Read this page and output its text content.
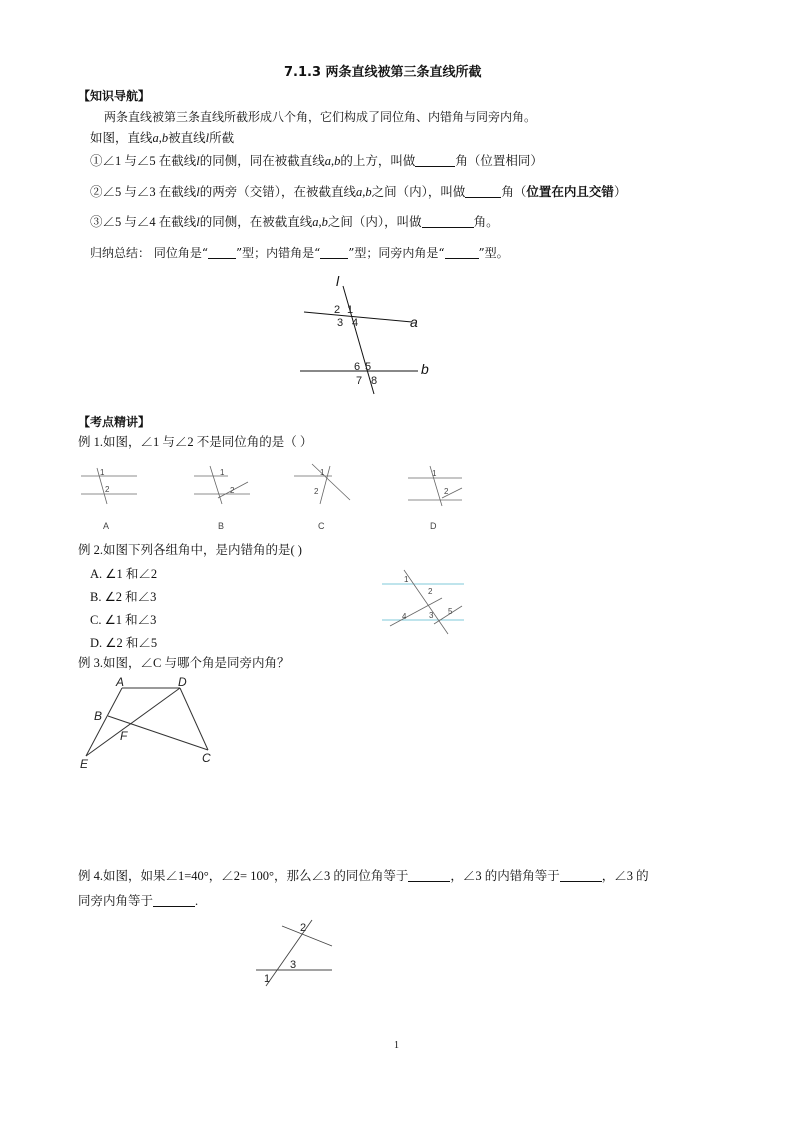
7.1.3 两条直线被第三条直线所截
【知识导航】
两条直线被第三条直线所截形成八个角，它们构成了同位角、内错角与同旁内角。
如图，直线a,b被直线l所截
①∠1 与∠5 在截线l的同侧，同在被截直线a,b的上方，叫做	角（位置相同）
②∠5 与∠3 在截线l的两旁（交错），在被截直线a,b之间（内），叫做	角（位置在内且交错）
③∠5 与∠4 在截线l的同侧，在被截直线a,b之间（内），叫做	角。
归纳总结： 同位角是“ ”型；内错角是“ ”型；同旁内角是“	”型。
l
a
b
2 1
3 4
6 5
7 8
【考点精讲】
例 1.如图，∠1 与∠2 不是同位角的是（ ）
1
2
A
1
2
B
1
2
C
1
2
D
例 2.如图下列各组角中，是内错角的是( )
A. ∠1 和∠2
B. ∠2 和∠3
C. ∠1 和∠3
D. ∠2 和∠5
1
2
3
4
5
例 3.如图，∠C 与哪个角是同旁内角？
A	D
B
F
E	C
例 4.如图，如果∠1=40°，∠2= 100°，那么∠3 的同位角等于	，∠3 的内错角等于	，∠3 的
同旁内角等于	.
2
3
1
1
